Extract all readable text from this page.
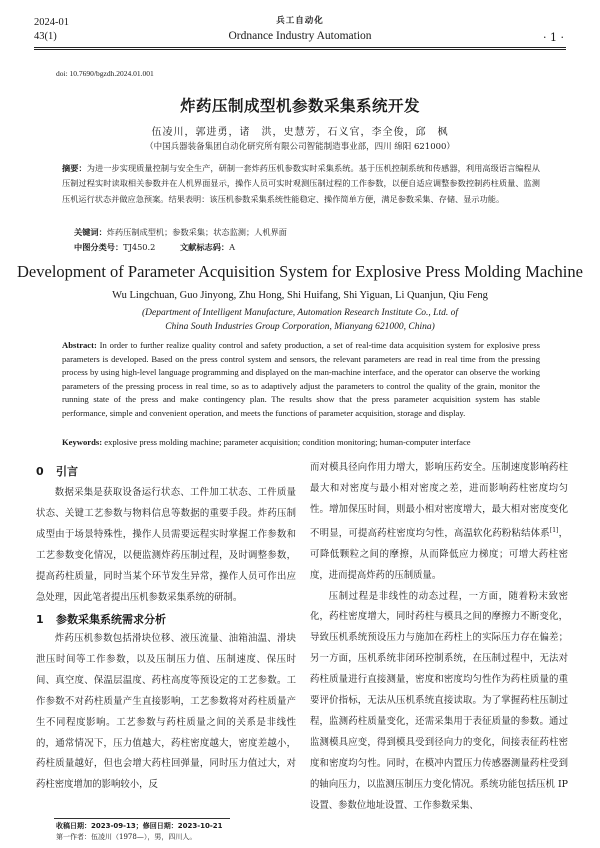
2024-01
43(1)
兵工自动化
Ordnance Industry Automation	· 1 ·
doi: 10.7690/bgzdh.2024.01.001
炸药压制成型机参数采集系统开发
伍凌川，郭进勇，诸　洪，史慧芳，石义官，李全俊，邱　枫
（中国兵器装备集团自动化研究所有限公司智能制造事业部，四川 绵阳 621000）
摘要：为进一步实现质量控制与安全生产，研制一套炸药压机参数实时采集系统。基于压机控制系统和传感器，利用高级语言编程从压制过程实时读取相关参数并在人机界面显示，操作人员可实时观测压制过程的工作参数，以便自适应调整参数控制药柱质量、监测压机运行状态并做应急预案。结果表明：该压机参数采集系统性能稳定、操作简单方便，满足参数采集、存储、显示功能。
关键词：炸药压制成型机；参数采集；状态监测；人机界面
中图分类号：TJ450.2	文献标志码：A
Development of Parameter Acquisition System for Explosive Press Molding Machine
Wu Lingchuan, Guo Jinyong, Zhu Hong, Shi Huifang, Shi Yiguan, Li Quanjun, Qiu Feng
(Department of Intelligent Manufacture, Automation Research Institute Co., Ltd. of
China South Industries Group Corporation, Mianyang 621000, China)
Abstract: In order to further realize quality control and safety production, a set of real-time data acquisition system for explosive press parameters is developed. Based on the press control system and sensors, the relevant parameters are read in real time from the pressing process by using high-level language programming and displayed on the man-machine interface, and the operator can observe the working parameters of the pressing process in real time, so as to adaptively adjust the parameters to control the quality of the grain, monitor the running state of the press and make contingency plan. The results show that the press parameter acquisition system has stable performance, simple and convenient operation, and meets the functions of parameter acquisition, storage and display.
Keywords: explosive press molding machine; parameter acquisition; condition monitoring; human-computer interface
0 引言

数据采集是获取设备运行状态、工件加工状态、工件质量状态、关键工艺参数与物料信息等数据的重要手段。炸药压制成型由于场景特殊性，操作人员需要远程实时掌握工作参数和工艺参数变化情况，以便监测炸药压制过程，及时调整参数，提高药柱质量，同时当某个环节发生异常，操作人员可作出应急处理，因此笔者提出压机参数采集系统的研制。

1 参数采集系统需求分析

炸药压机参数包括滑块位移、液压流量、油箱油温、滑块泄压时间等工作参数，以及压制压力值、压制速度、保压时间、真空度、保温层温度、药柱高度等预设定的工艺参数。工作参数不对药柱质量产生直接影响，工艺参数将对药柱质量产生不同程度影响。工艺参数与药柱质量之间的关系是非线性的，通常情况下，压力值越大，药柱密度越大，密度差越小，药柱质量越好，但也会增大药柱回弹量，同时压力值过大，对药柱密度增加的影响较小，反

而对模具径向作用力增大，影响压药安全。压制速度影响药柱最大和对密度与最小相对密度之差，进而影响药柱密度均匀性。增加保压时间，则最小相对密度增大，最大相对密度变化不明显，可提高药柱密度均匀性，高温软化药粉粘结体系[1]，可降低颗粒之间的摩擦，从而降低应力梯度；可增大药柱密度，进而提高炸药的压制质量。

压制过程是非线性的动态过程，一方面，随着粉末致密化，药柱密度增大，同时药柱与模具之间的摩擦力不断变化，导致压机系统预设压力与施加在药柱上的实际压力存在偏差；另一方面，压机系统非闭环控制系统，在压制过程中，无法对药柱质量进行直接测量，密度和密度均匀性作为药柱质量的重要评价指标，无法从压机系统直接读取。为了掌握药柱压制过程，监测药柱质量变化，还需采集用于表征质量的参数。通过监测模具应变，得到模具受到径向力的变化，间接表征药柱密度和密度均匀性。同时，在模冲内置压力传感器测量药柱受到的轴向压力，以监测压制压力变化情况。系统功能包括压机 IP 设置、参数位地址设置、工作参数采集、

收稿日期：2023-09-13；修回日期：2023-10-21
第一作者：伍凌川（1978—），男，四川人。
